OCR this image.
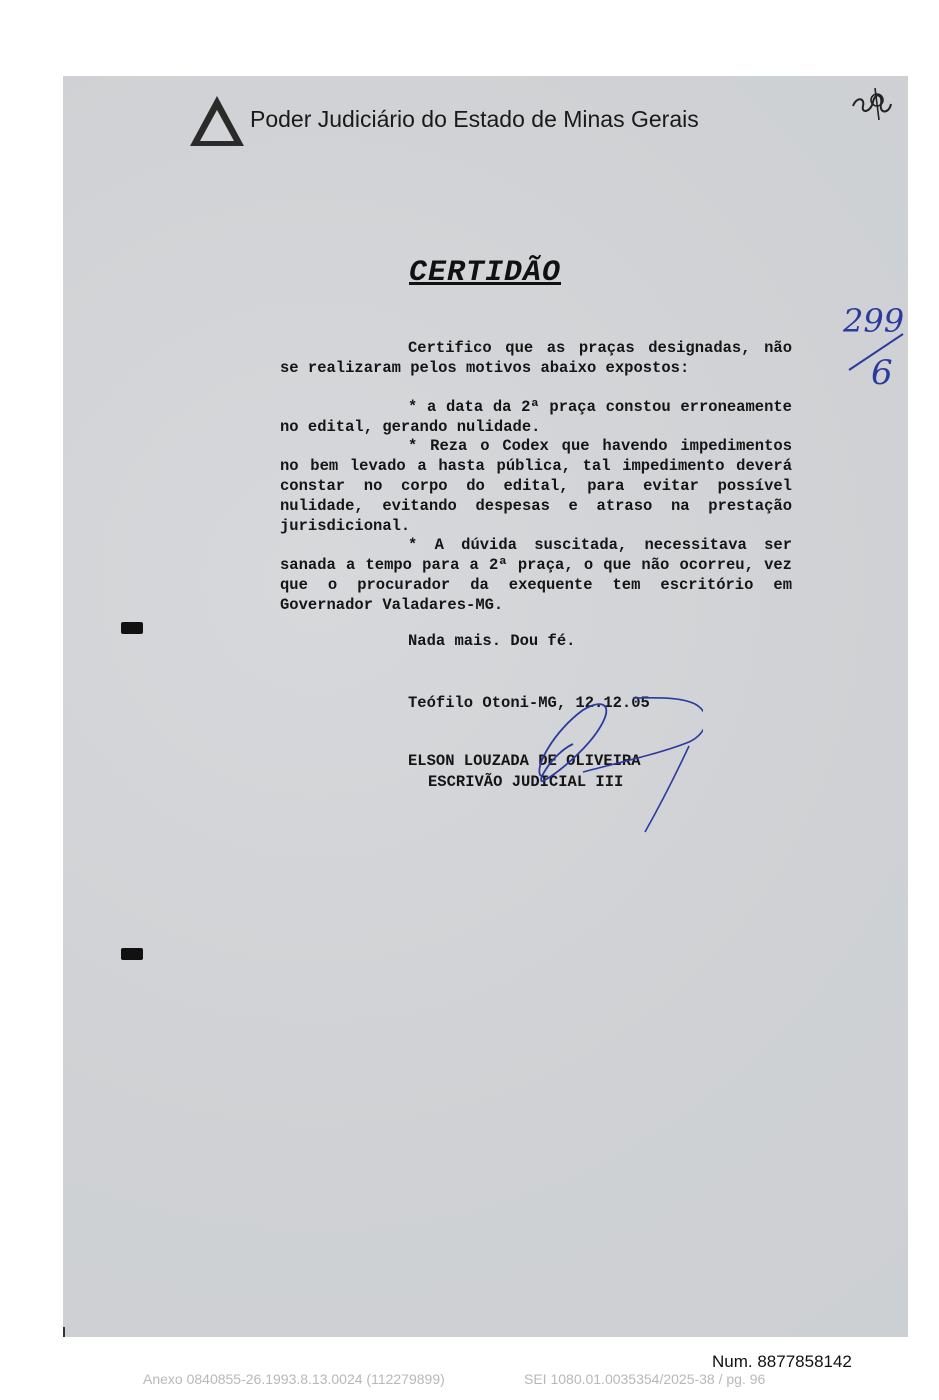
Poder Judiciário do Estado de Minas Gerais
CERTIDÃO
299
6
Certifico que as praças designadas, não se realizaram pelos motivos abaixo expostos:
* a data da 2ª praça constou erroneamente no edital, gerando nulidade.
* Reza o Codex que havendo impedimentos no bem levado a hasta pública, tal impedimento deverá constar no corpo do edital, para evitar possível nulidade, evitando despesas e atraso na prestação jurisdicional.
* A dúvida suscitada, necessitava ser sanada a tempo para a 2ª praça, o que não ocorreu, vez que o procurador da exequente tem escritório em Governador Valadares-MG.
Nada mais. Dou fé.
Teófilo Otoni-MG, 12.12.05
ELSON LOUZADA DE OLIVEIRA
ESCRIVÃO JUDICIAL III
Num. 8877858142
Anexo 0840855-26.1993.8.13.0024 (112279899)	SEI 1080.01.0035354/2025-38 / pg. 96
